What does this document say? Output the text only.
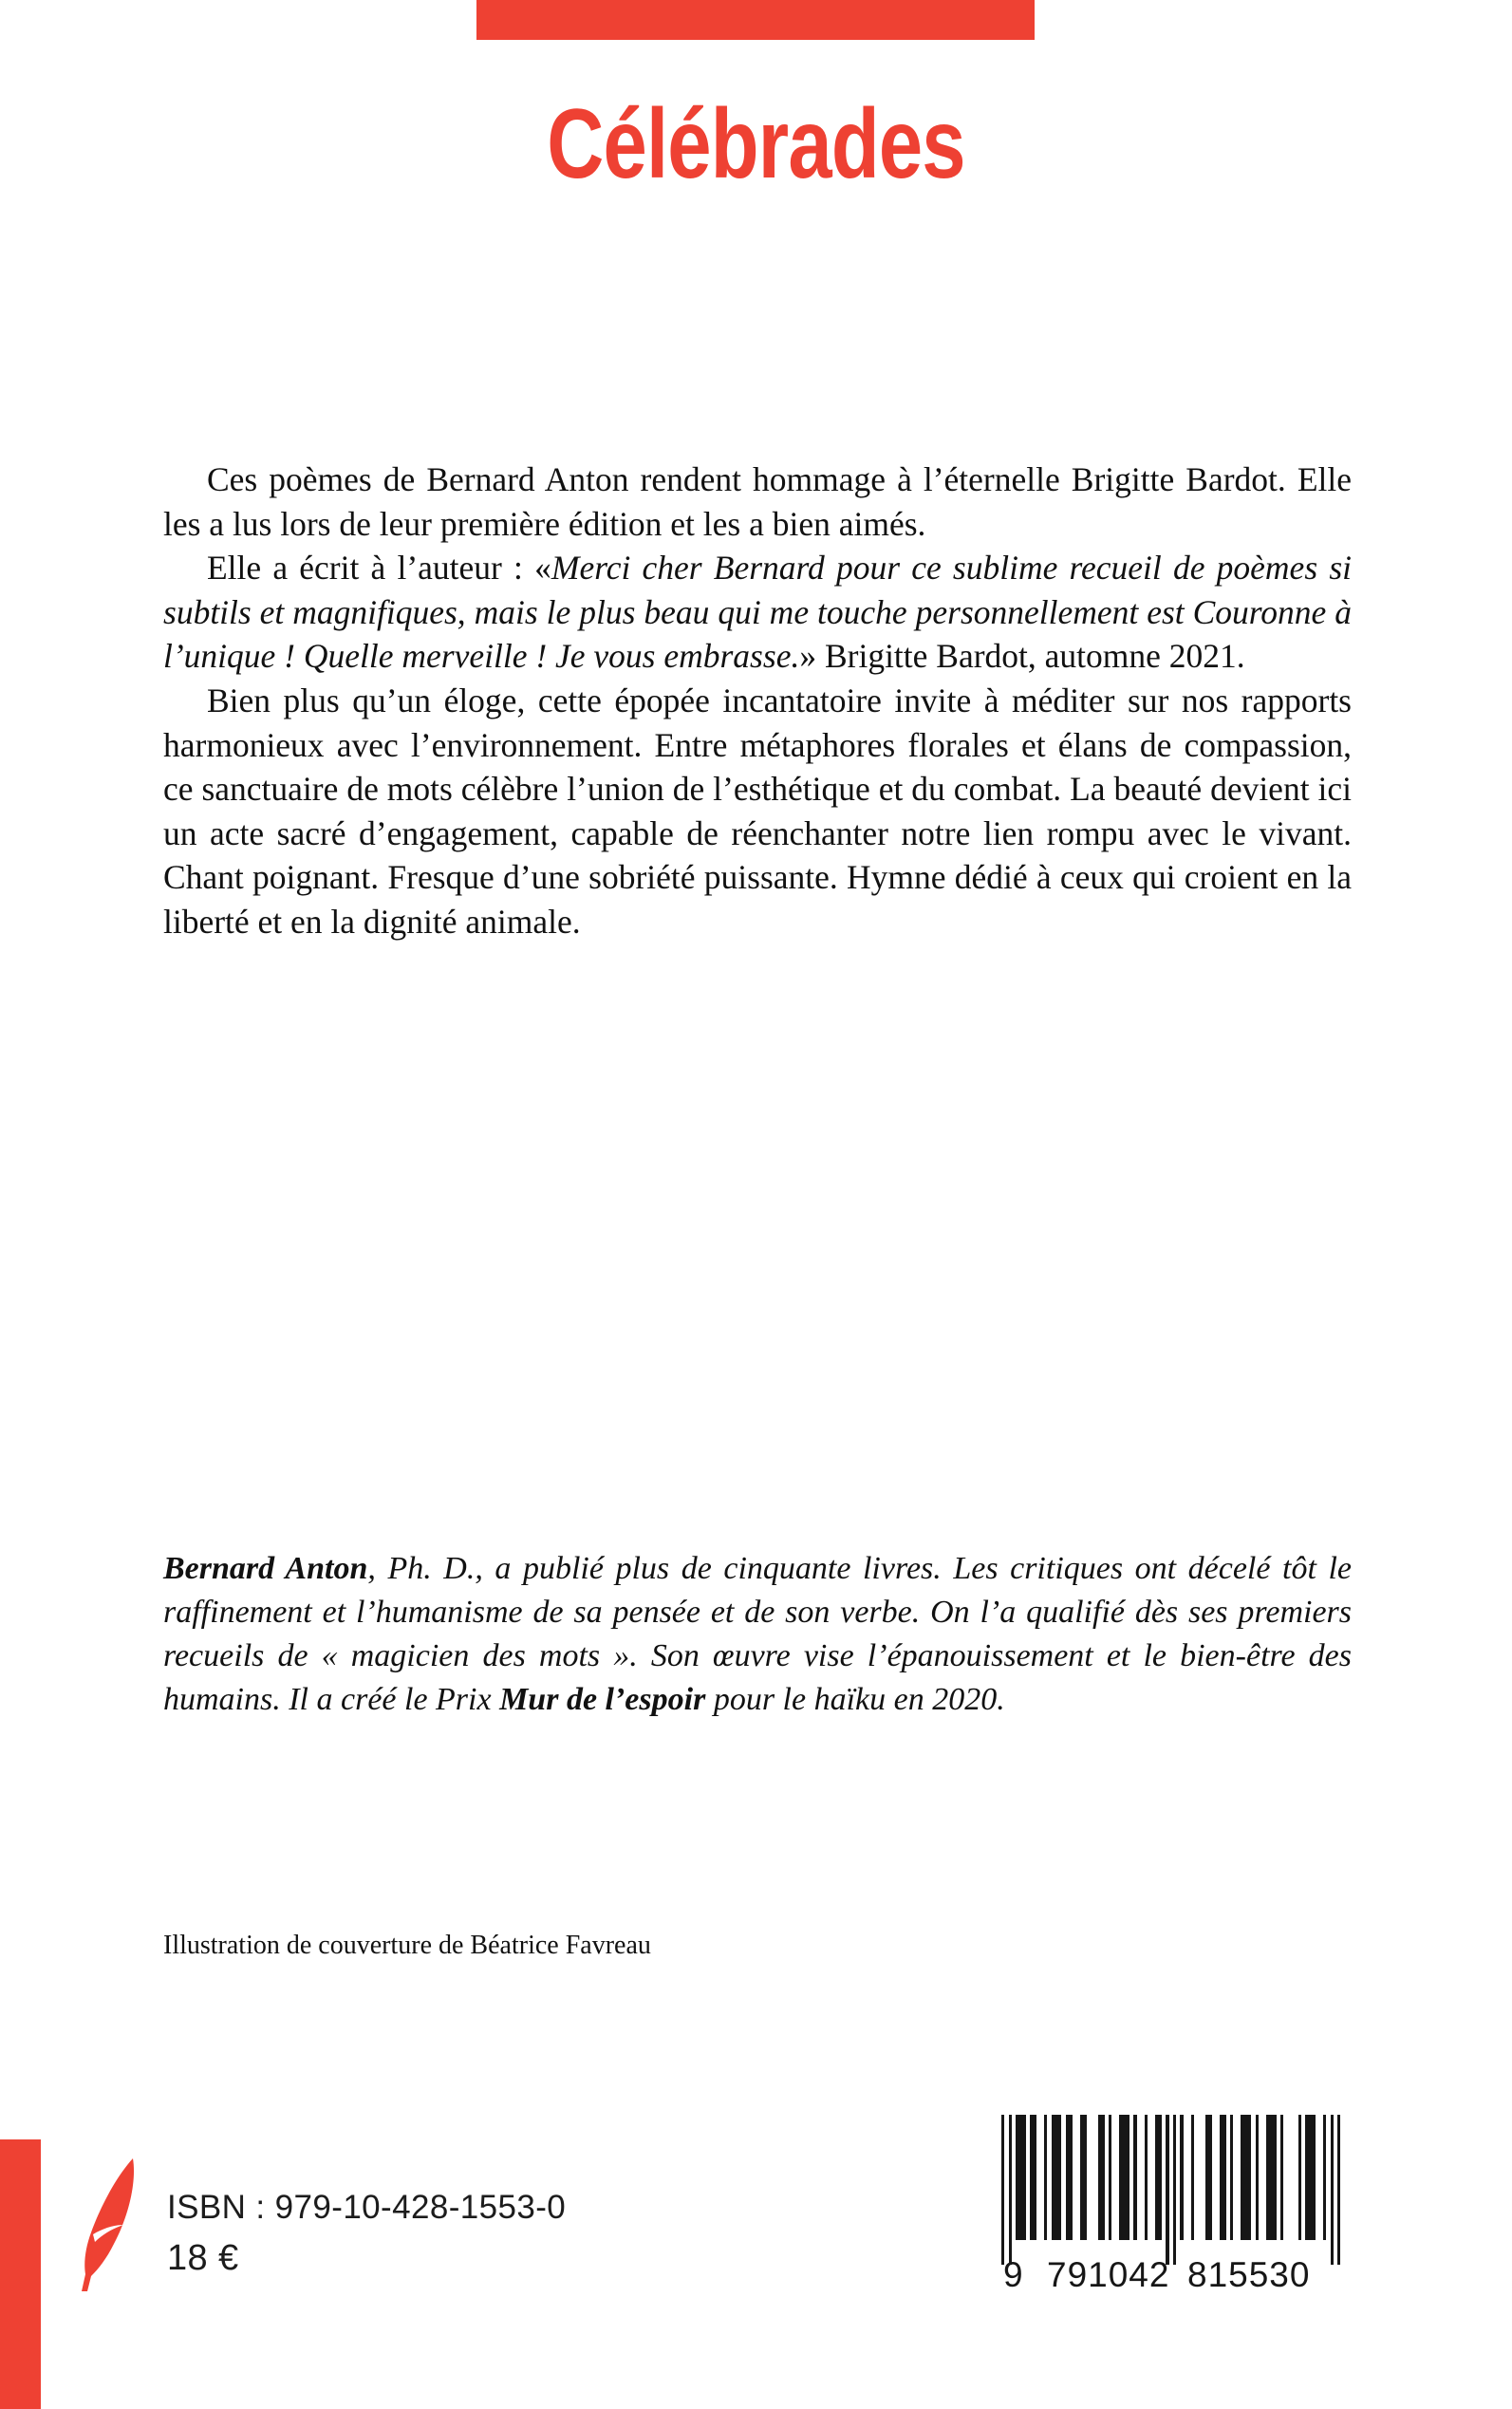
Célébrades

Ces poèmes de Bernard Anton rendent hommage à l’éternelle Brigitte Bardot. Elle les a lus lors de leur première édition et les a bien aimés.

Elle a écrit à l’auteur : «Merci cher Bernard pour ce sublime recueil de poèmes si subtils et magnifiques, mais le plus beau qui me touche personnellement est Couronne à l’unique ! Quelle merveille ! Je vous embrasse.» Brigitte Bardot, automne 2021.

Bien plus qu’un éloge, cette épopée incantatoire invite à méditer sur nos rapports harmonieux avec l’environnement. Entre métaphores florales et élans de compassion, ce sanctuaire de mots célèbre l’union de l’esthétique et du combat. La beauté devient ici un acte sacré d’engagement, capable de réenchanter notre lien rompu avec le vivant. Chant poignant. Fresque d’une sobriété puissante. Hymne dédié à ceux qui croient en la liberté et en la dignité animale.

Bernard Anton, Ph. D., a publié plus de cinquante livres. Les critiques ont décelé tôt le raffinement et l’humanisme de sa pensée et de son verbe. On l’a qualifié dès ses premiers recueils de « magicien des mots ». Son œuvre vise l’épanouissement et le bien-être des humains. Il a créé le Prix Mur de l’espoir pour le haïku en 2020.

Illustration de couverture de Béatrice Favreau
ISBN : 979-10-428-1553-0
18 €	9 791042 815530
